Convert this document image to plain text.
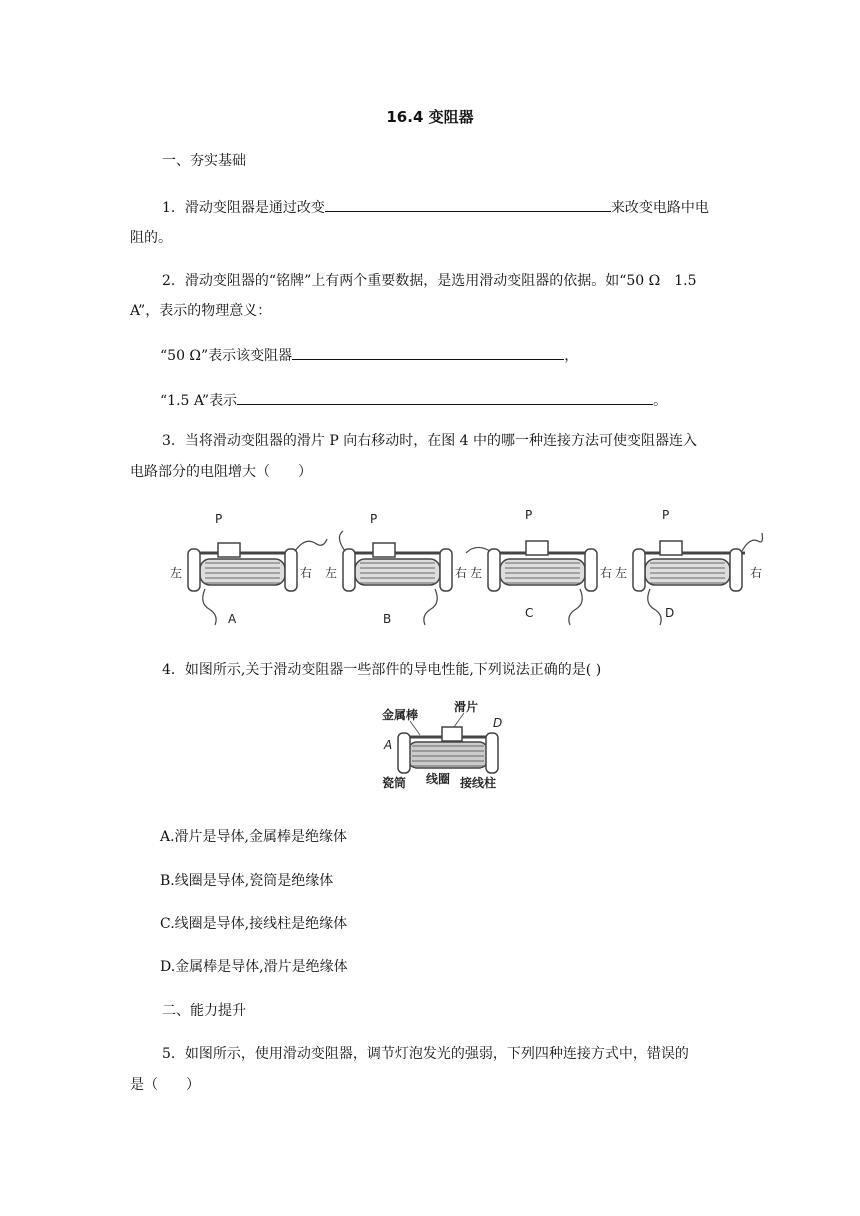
16.4 变阻器
一、夯实基础
1．滑动变阻器是通过改变	来改变电路中电
阻的。
2．滑动变阻器的“铭牌”上有两个重要数据，是选用滑动变阻器的依据。如“50 Ω　1.5
A”，表示的物理意义：
“50 Ω”表示该变阻器	，
“1.5 A”表示	。
3．当将滑动变阻器的滑片 P 向右移动时，在图 4 中的哪一种连接方法可使变阻器连入
电路部分的电阻增大（　　）
P
左	右
A
P
左	右
B
P
左	右
C
P
左	右
D
4．如图所示,关于滑动变阻器一些部件的导电性能,下列说法正确的是( )
金属棒
滑片
D
A
瓷筒 线圈 接线柱
A.滑片是导体,金属棒是绝缘体
B.线圈是导体,瓷筒是绝缘体
C.线圈是导体,接线柱是绝缘体
D.金属棒是导体,滑片是绝缘体
二、能力提升
5．如图所示，使用滑动变阻器，调节灯泡发光的强弱，下列四种连接方式中，错误的
是（　　）
